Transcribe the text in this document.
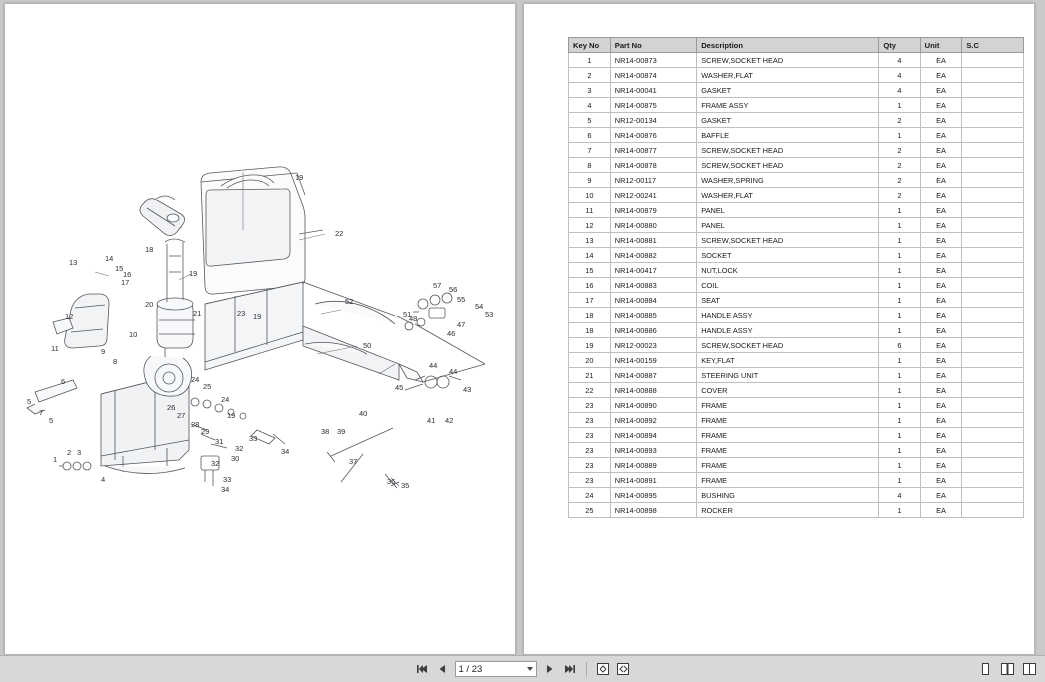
19
22
13	14
15
16
17
18
19
20
21
12
10
11	9
8
23 19
52
57 56
55
54
53
51
48
47
46
50
44
44
45	43
41 42
40
38 39
37
36 35
6
5
7
5
24
24
25
26
27	19
28
29
31
32
33
34
32
33
34
30
1
2 3
4
Key No	Part No	Description	Qty	Unit	S.C
1	NR14-00873	SCREW,SOCKET HEAD	4	EA	
2	NR14-00874	WASHER,FLAT	4	EA	
3	NR14-00041	GASKET	4	EA	
4	NR14-00875	FRAME ASSY	1	EA	
5	NR12-00134	GASKET	2	EA	
6	NR14-00876	BAFFLE	1	EA	
7	NR14-00877	SCREW,SOCKET HEAD	2	EA	
8	NR14-00878	SCREW,SOCKET HEAD	2	EA	
9	NR12-00117	WASHER,SPRING	2	EA	
10	NR12-00241	WASHER,FLAT	2	EA	
11	NR14-00879	PANEL	1	EA	
12	NR14-00880	PANEL	1	EA	
13	NR14-00881	SCREW,SOCKET HEAD	1	EA	
14	NR14-00882	SOCKET	1	EA	
15	NR14-00417	NUT,LOCK	1	EA	
16	NR14-00883	COIL	1	EA	
17	NR14-00884	SEAT	1	EA	
18	NR14-00885	HANDLE ASSY	1	EA	
18	NR14-00886	HANDLE ASSY	1	EA	
19	NR12-00023	SCREW,SOCKET HEAD	6	EA	
20	NR14-00159	KEY,FLAT	1	EA	
21	NR14-00887	STEERING UNIT	1	EA	
22	NR14-00888	COVER	1	EA	
23	NR14-00890	FRAME	1	EA	
23	NR14-00892	FRAME	1	EA	
23	NR14-00894	FRAME	1	EA	
23	NR14-00893	FRAME	1	EA	
23	NR14-00889	FRAME	1	EA	
23	NR14-00891	FRAME	1	EA	
24	NR14-00895	BUSHING	4	EA	
25	NR14-00898	ROCKER	1	EA	
1 / 23
